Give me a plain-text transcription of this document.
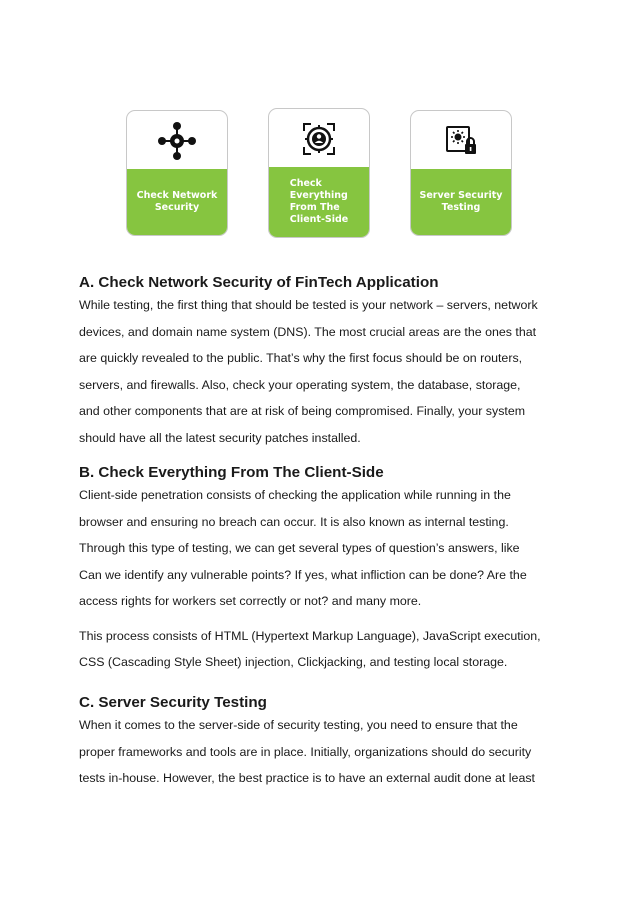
Check Network
Security
Check
Everything
From The
Client-Side
Server Security
Testing
A. Check Network Security of FinTech Application

While testing, the first thing that should be tested is your network – servers, network

devices, and domain name system (DNS). The most crucial areas are the ones that

are quickly revealed to the public. That’s why the first focus should be on routers,

servers, and firewalls. Also, check your operating system, the database, storage,

and other components that are at risk of being compromised. Finally, your system

should have all the latest security patches installed.

B. Check Everything From The Client-Side

Client-side penetration consists of checking the application while running in the

browser and ensuring no breach can occur. It is also known as internal testing.

Through this type of testing, we can get several types of question’s answers, like

Can we identify any vulnerable points? If yes, what infliction can be done? Are the

access rights for workers set correctly or not? and many more.

This process consists of HTML (Hypertext Markup Language), JavaScript execution,

CSS (Cascading Style Sheet) injection, Clickjacking, and testing local storage.

C. Server Security Testing

When it comes to the server-side of security testing, you need to ensure that the

proper frameworks and tools are in place. Initially, organizations should do security

tests in-house. However, the best practice is to have an external audit done at least
